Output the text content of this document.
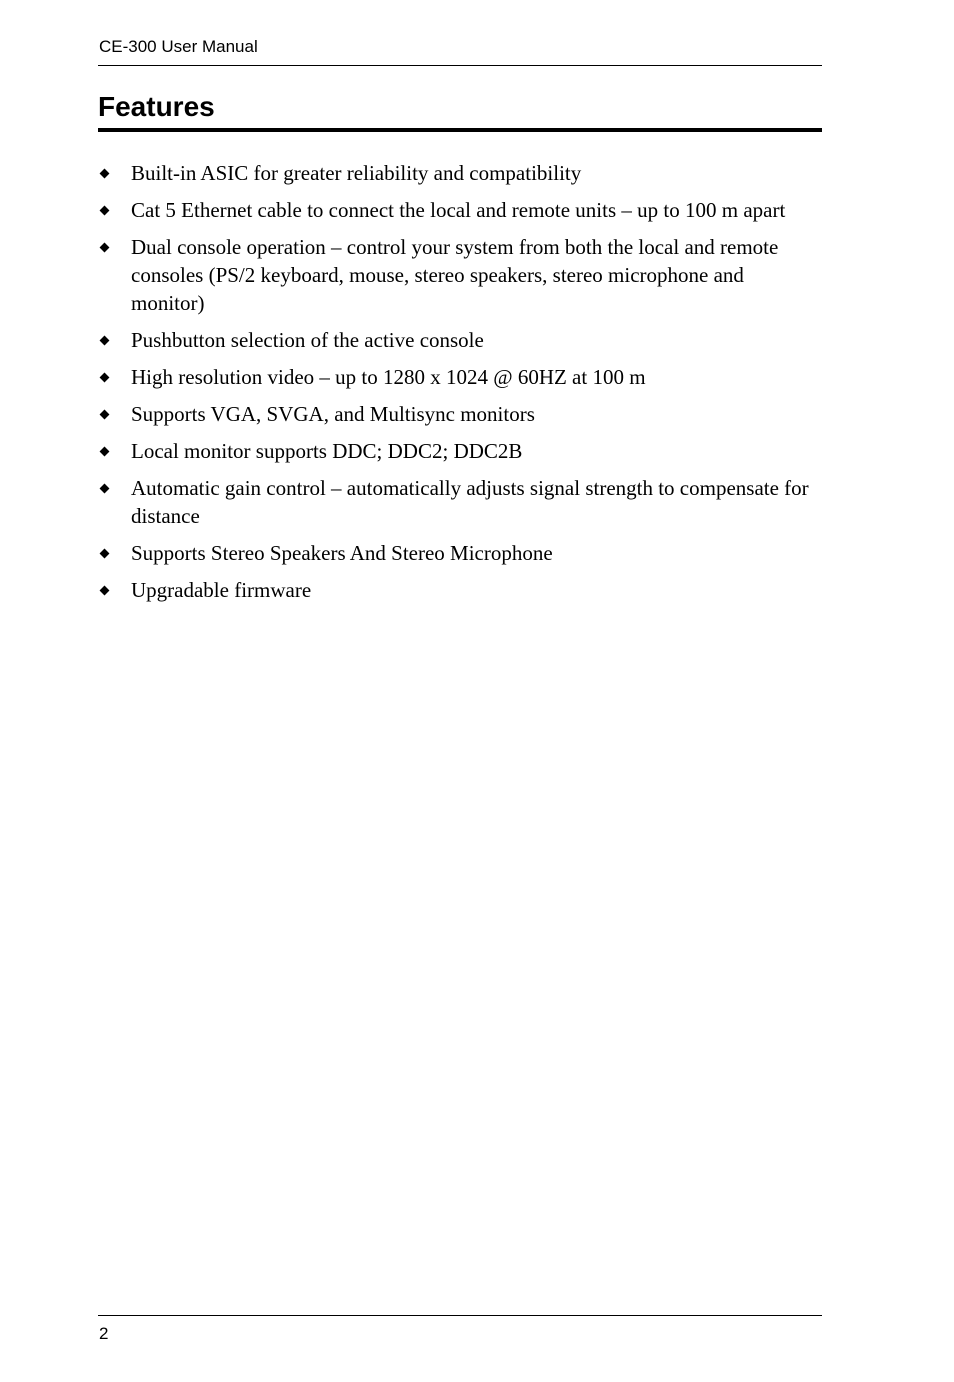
CE-300 User Manual
Features
Built-in ASIC for greater reliability and compatibility
Cat 5 Ethernet cable to connect the local and remote units – up to 100 m apart
Dual console operation – control your system from both the local and remote consoles (PS/2 keyboard, mouse, stereo speakers, stereo microphone and monitor)
Pushbutton selection of the active console
High resolution video – up to 1280 x 1024 @ 60HZ at 100 m
Supports VGA, SVGA, and Multisync monitors
Local monitor supports DDC; DDC2; DDC2B
Automatic gain control – automatically adjusts signal strength to compensate for distance
Supports Stereo Speakers And Stereo Microphone
Upgradable firmware
2
